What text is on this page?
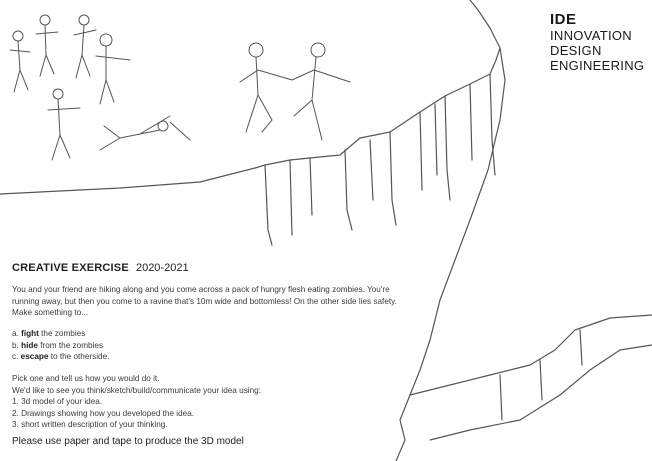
IDE
INNOVATION
DESIGN
ENGINEERING
CREATIVE EXERCISE 2020-2021
You and your friend are hiking along and you come across a pack of hungry flesh eating zombies. You're
running away, but then you come to a ravine that's 10m wide and bottomless! On the other side lies safety.
Make something to...
a. fight the zombies
b. hide from the zombies
c. escape to the otherside.
Pick one and tell us how you would do it.
We'd like to see you think/sketch/build/communicate your idea using:
1. 3d model of your idea.
2. Drawings showing how you developed the idea.
3. short written description of your thinking.
Please use paper and tape to produce the 3D model
